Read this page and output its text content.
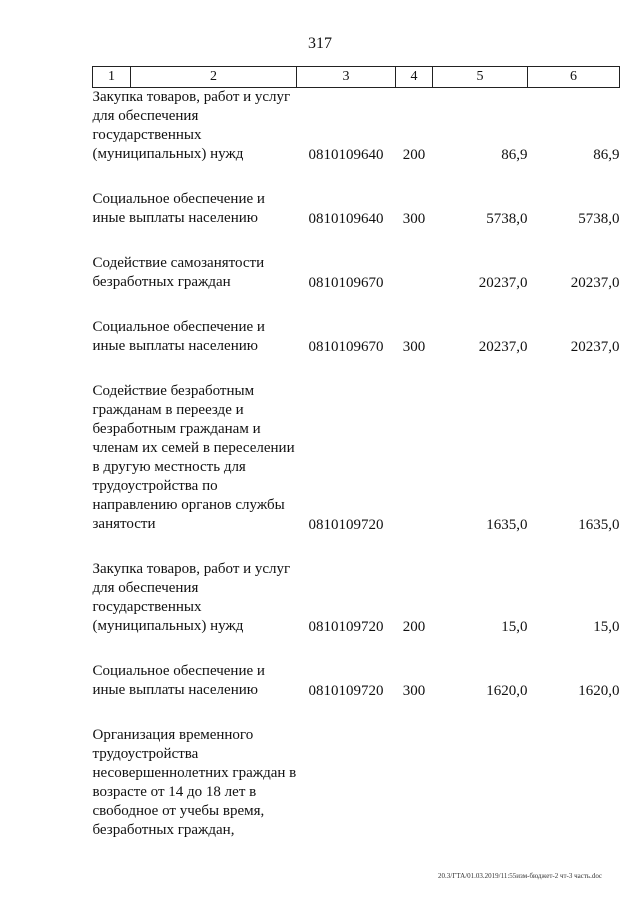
317
1	2	3	4	5	6
Закупка товаров, работ и услуг для обеспечения государственных (муниципальных) нужд		0810109640	200	86,9	86,9
Социальное обеспечение и иные выплаты населению		0810109640	300	5738,0	5738,0
Содействие самозанятости безработных граждан		0810109670		20237,0	20237,0
Социальное обеспечение и иные выплаты населению		0810109670	300	20237,0	20237,0
Содействие безработным гражданам в переезде и безработным гражданам и членам их семей в переселении в другую местность для трудоустройства по направлению органов службы занятости		0810109720		1635,0	1635,0
Закупка товаров, работ и услуг для обеспечения государственных (муниципальных) нужд		0810109720	200	15,0	15,0
Социальное обеспечение и иные выплаты населению		0810109720	300	1620,0	1620,0
Организация временного трудоустройства несовершеннолетних граждан в возрасте от 14 до 18 лет в свободное от учебы время, безработных граждан,					
20.3/ГТА/01.03.2019/11:55изм-бюджет-2 чт-3 часть.doc
